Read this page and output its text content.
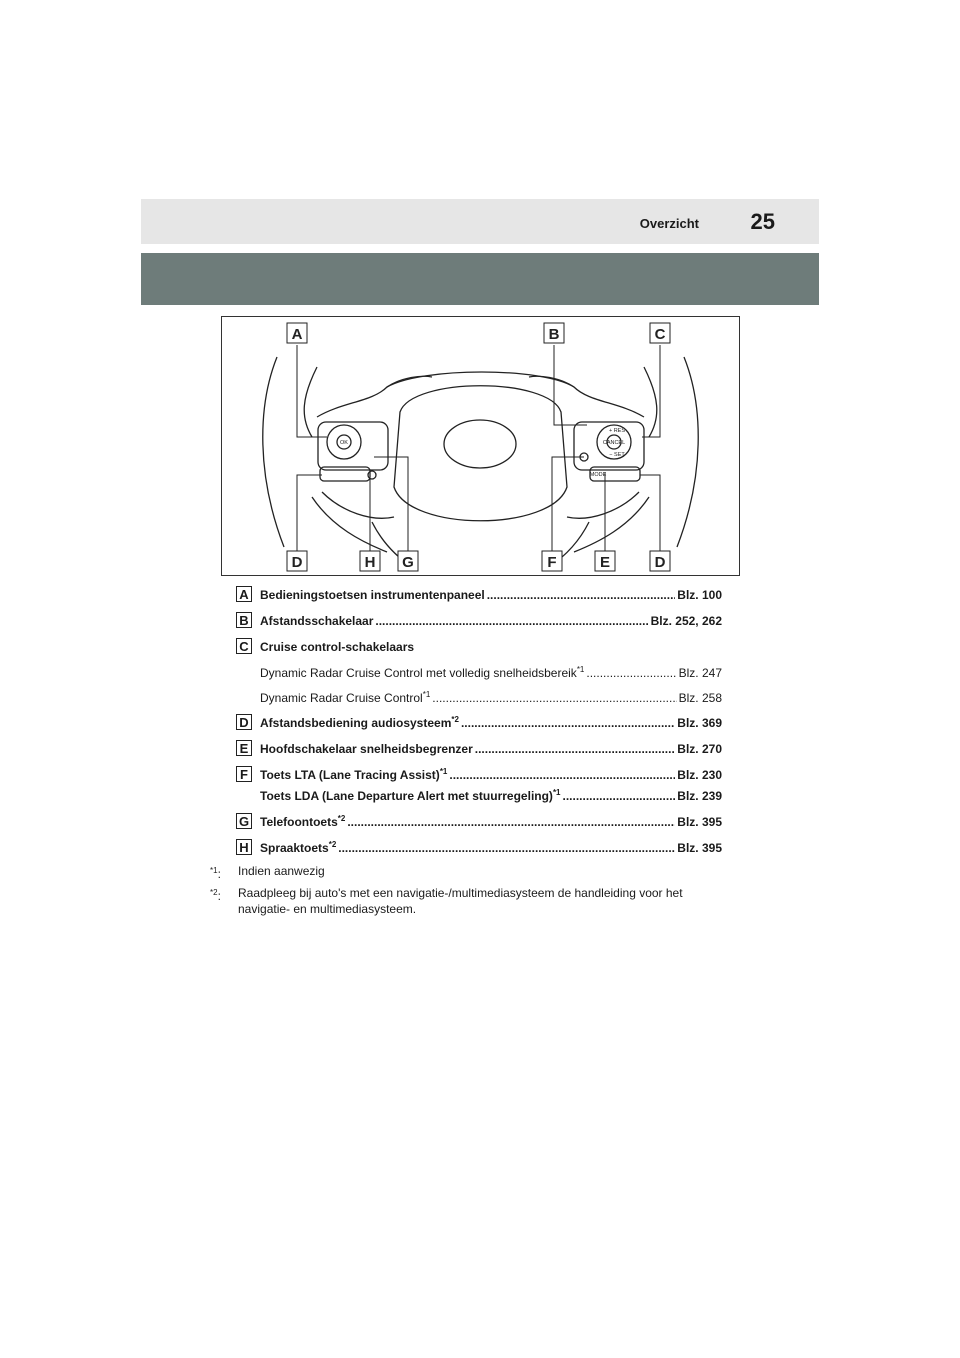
Overzicht 25
OK
+ RES
CANCEL
− SET
MODE
A	B	C
D	H G	F	E	D
A Bedieningstoetsen instrumentenpaneel .....	Blz. 100
B Afstandsschakelaar .....	Blz. 252, 262
C Cruise control-schakelaars
Dynamic Radar Cruise Control met volledig snelheidsbereik$^{*1}$ .....	Blz. 247
Dynamic Radar Cruise Control$^{*1}$ .....	Blz. 258
D Afstandsbediening audiosysteem$^{*2}$ .....	Blz. 369
E Hoofdschakelaar snelheidsbegrenzer .....	Blz. 270
F	Toets LTA (Lane Tracing Assist)$^{*1}$ .....	Blz. 230
Toets LDA (Lane Departure Alert met stuurregeling)$^{*1}$ .....	Blz. 239
G Telefoontoets$^{*2}$ .....	Blz. 395
H Spraaktoets$^{*2}$ .....	Blz. 395
$^{*1}$: Indien aanwezig
$^{*2}$: Raadpleeg bij auto's met een navigatie-/multimediasysteem de handleiding voor het navigatie- en multimediasysteem.
